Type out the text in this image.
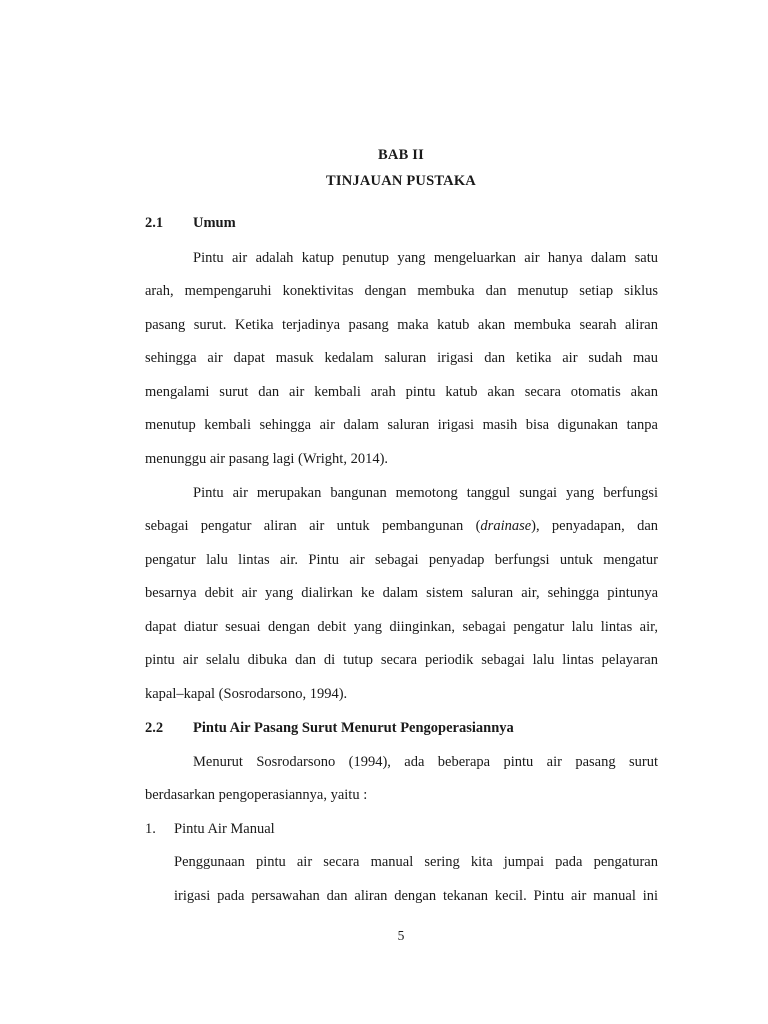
BAB II
TINJAUAN PUSTAKA
2.1 Umum
Pintu air adalah katup penutup yang mengeluarkan air hanya dalam satu
arah, mempengaruhi konektivitas dengan membuka dan menutup setiap siklus
pasang surut. Ketika terjadinya pasang maka katub akan membuka searah aliran
sehingga air dapat masuk kedalam saluran irigasi dan ketika air sudah mau
mengalami surut dan air kembali arah pintu katub akan secara otomatis akan
menutup kembali sehingga air dalam saluran irigasi masih bisa digunakan tanpa
menunggu air pasang lagi (Wright, 2014).
Pintu air merupakan bangunan memotong tanggul sungai yang berfungsi
sebagai pengatur aliran air untuk pembangunan (drainase), penyadapan, dan
pengatur lalu lintas air. Pintu air sebagai penyadap berfungsi untuk mengatur
besarnya debit air yang dialirkan ke dalam sistem saluran air, sehingga pintunya
dapat diatur sesuai dengan debit yang diinginkan, sebagai pengatur lalu lintas air,
pintu air selalu dibuka dan di tutup secara periodik sebagai lalu lintas pelayaran
kapal–kapal (Sosrodarsono, 1994).
2.2 Pintu Air Pasang Surut Menurut Pengoperasiannya
Menurut Sosrodarsono (1994), ada beberapa pintu air pasang surut
berdasarkan pengoperasiannya, yaitu :
1. Pintu Air Manual
Penggunaan pintu air secara manual sering kita jumpai pada pengaturan
irigasi pada persawahan dan aliran dengan tekanan kecil. Pintu air manual ini
5
